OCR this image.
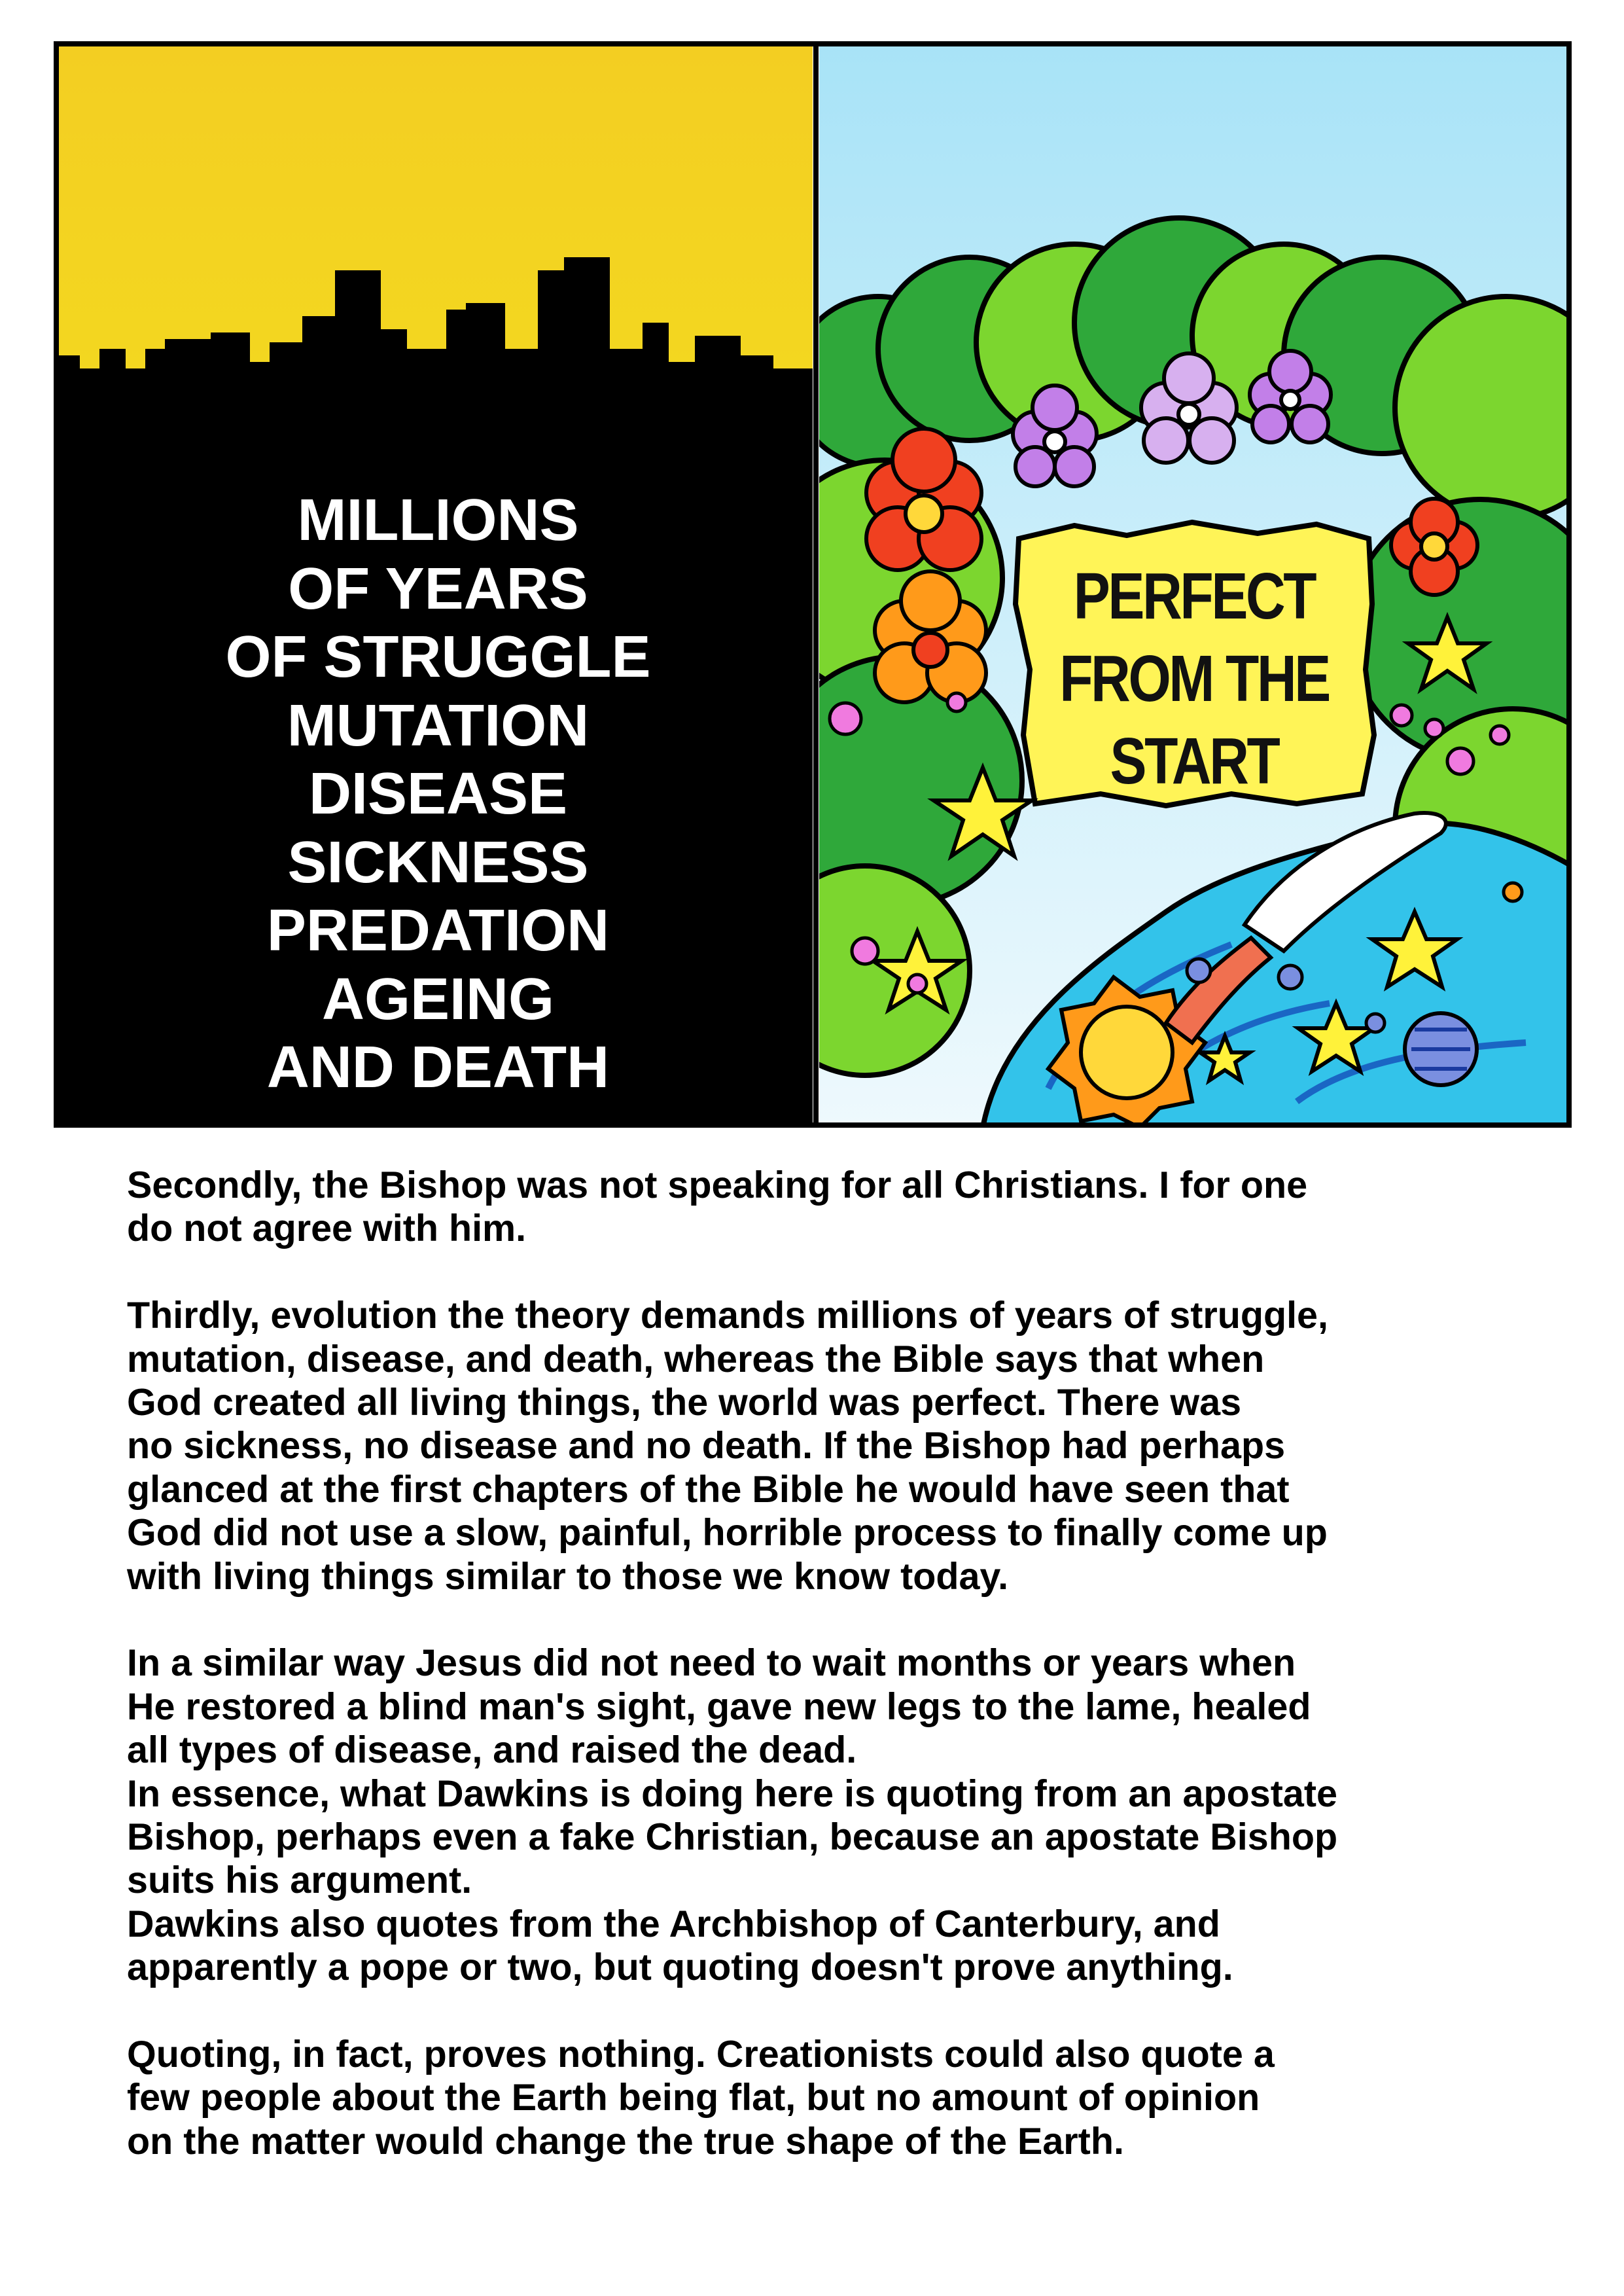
MILLIONS
OF YEARS
OF STRUGGLE
MUTATION
DISEASE
SICKNESS
PREDATION
AGEING
AND DEATH
PERFECT
FROM THE
START

Secondly, the Bishop was not speaking for all Christians. I for one
do not agree with him.

Thirdly, evolution the theory demands millions of years of struggle,
mutation, disease, and death, whereas the Bible says that when
God created all living things, the world was perfect. There was
no sickness, no disease and no death. If the Bishop had perhaps
glanced at the first chapters of the Bible he would have seen that
God did not use a slow, painful, horrible process to finally come up
with living things similar to those we know today.

In a similar way Jesus did not need to wait months or years when
He restored a blind man's sight, gave new legs to the lame, healed
all types of disease, and raised the dead.
In essence, what Dawkins is doing here is quoting from an apostate
Bishop, perhaps even a fake Christian, because an apostate Bishop
suits his argument.
Dawkins also quotes from the Archbishop of Canterbury, and
apparently a pope or two, but quoting doesn't prove anything.

Quoting, in fact, proves nothing. Creationists could also quote a
few people about the Earth being flat, but no amount of opinion
on the matter would change the true shape of the Earth.
